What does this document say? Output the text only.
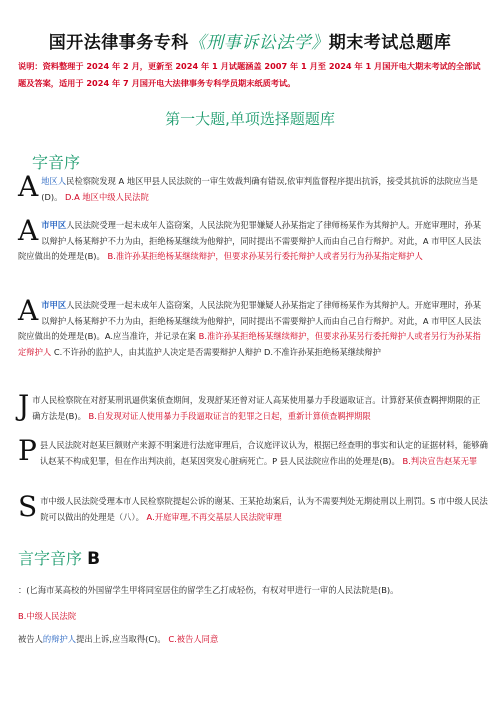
国开法律事务专科《刑事诉讼法学》期末考试总题库
说明：资料整理于 2024 年 2 月，更新至 2024 年 1 月试题涵盖 2007 年 1 月至 2024 年 1 月国开电大期末考试的全部试题及答案，适用于 2024 年 7 月国开电大法律事务专科学员期末纸质考试。
第一大题,单项选择题题库
字音序
A 地区人民检察院发现 A 地区甲县人民法院的一审生效裁判确有错误,依审判监督程序提出抗诉，接受其抗诉的法院应当是(D)。 D.A 地区中级人民法院
A 市甲区人民法院受理一起未成年人盗窃案，人民法院为犯罪嫌疑人孙某指定了律师杨某作为其辩护人。开庭审理时，孙某以辩护人杨某辩护不力为由，拒绝杨某继续为他辩护，同时提出不需要辩护人而由自己自行辩护。对此，A 市甲区人民法院应做出的处理是(B)。 B.准许孙某拒绝杨某继续辩护，但要求孙某另行委托辩护人或者另行为孙某指定辩护人
A 市甲区人民法院受理一起未成年人盗窃案，人民法院为犯罪嫌疑人孙某指定了律师杨某作为其辩护人。开庭审理时，孙某以辩护人杨某辩护不力为由，拒绝杨某继续为他辩护，同时提出不需要辩护人而由自己自行辩护。对此，A 市甲区人民法院应做出的处理是(B)。A.应当准许，并记录在案 B.准许孙某拒绝杨某继续辩护，但要求孙某另行委托辩护人或者另行为孙某指定辩护人 C.不许孙的监护人，由其监护人决定是否需要辩护人辩护 D.不准许孙某拒绝杨某继续辩护
J 市人民检察院在对舒某刑讯逼供案侦查期间，发现舒某还曾对证人高某使用暴力手段逼取证言。计算舒某侦查羁押期限的正确方法是(B)。 B.自发现对证人使用暴力手段逼取证言的犯罪之日起，重新计算侦查羁押期限
P 县人民法院对赵某巨额财产来源不明案进行法庭审理后，合议庭评议认为，根据已经查明的事实和认定的证据材料，能够确认赵某不构成犯罪，但在作出判决前，赵某因突发心脏病死亡。P 县人民法院应作出的处理是(B)。 B.判决宣告赵某无罪
S 市中级人民法院受理本市人民检察院提起公诉的谢某、王某抢劫案后，认为不需要判处无期徒刑以上刑罚。S 市中级人民法院可以做出的处理是（八）。 A.开庭审理,不再交基层人民法院审理
言字音序 B
：(匕海市某高校的外国留学生甲将同室居住的留学生乙打成轻伤，有权对甲进行一审的人民法院是(B)。
B.中级人民法院
被告人的辩护人提出上诉,应当取得(C)。 C.被告人同意
